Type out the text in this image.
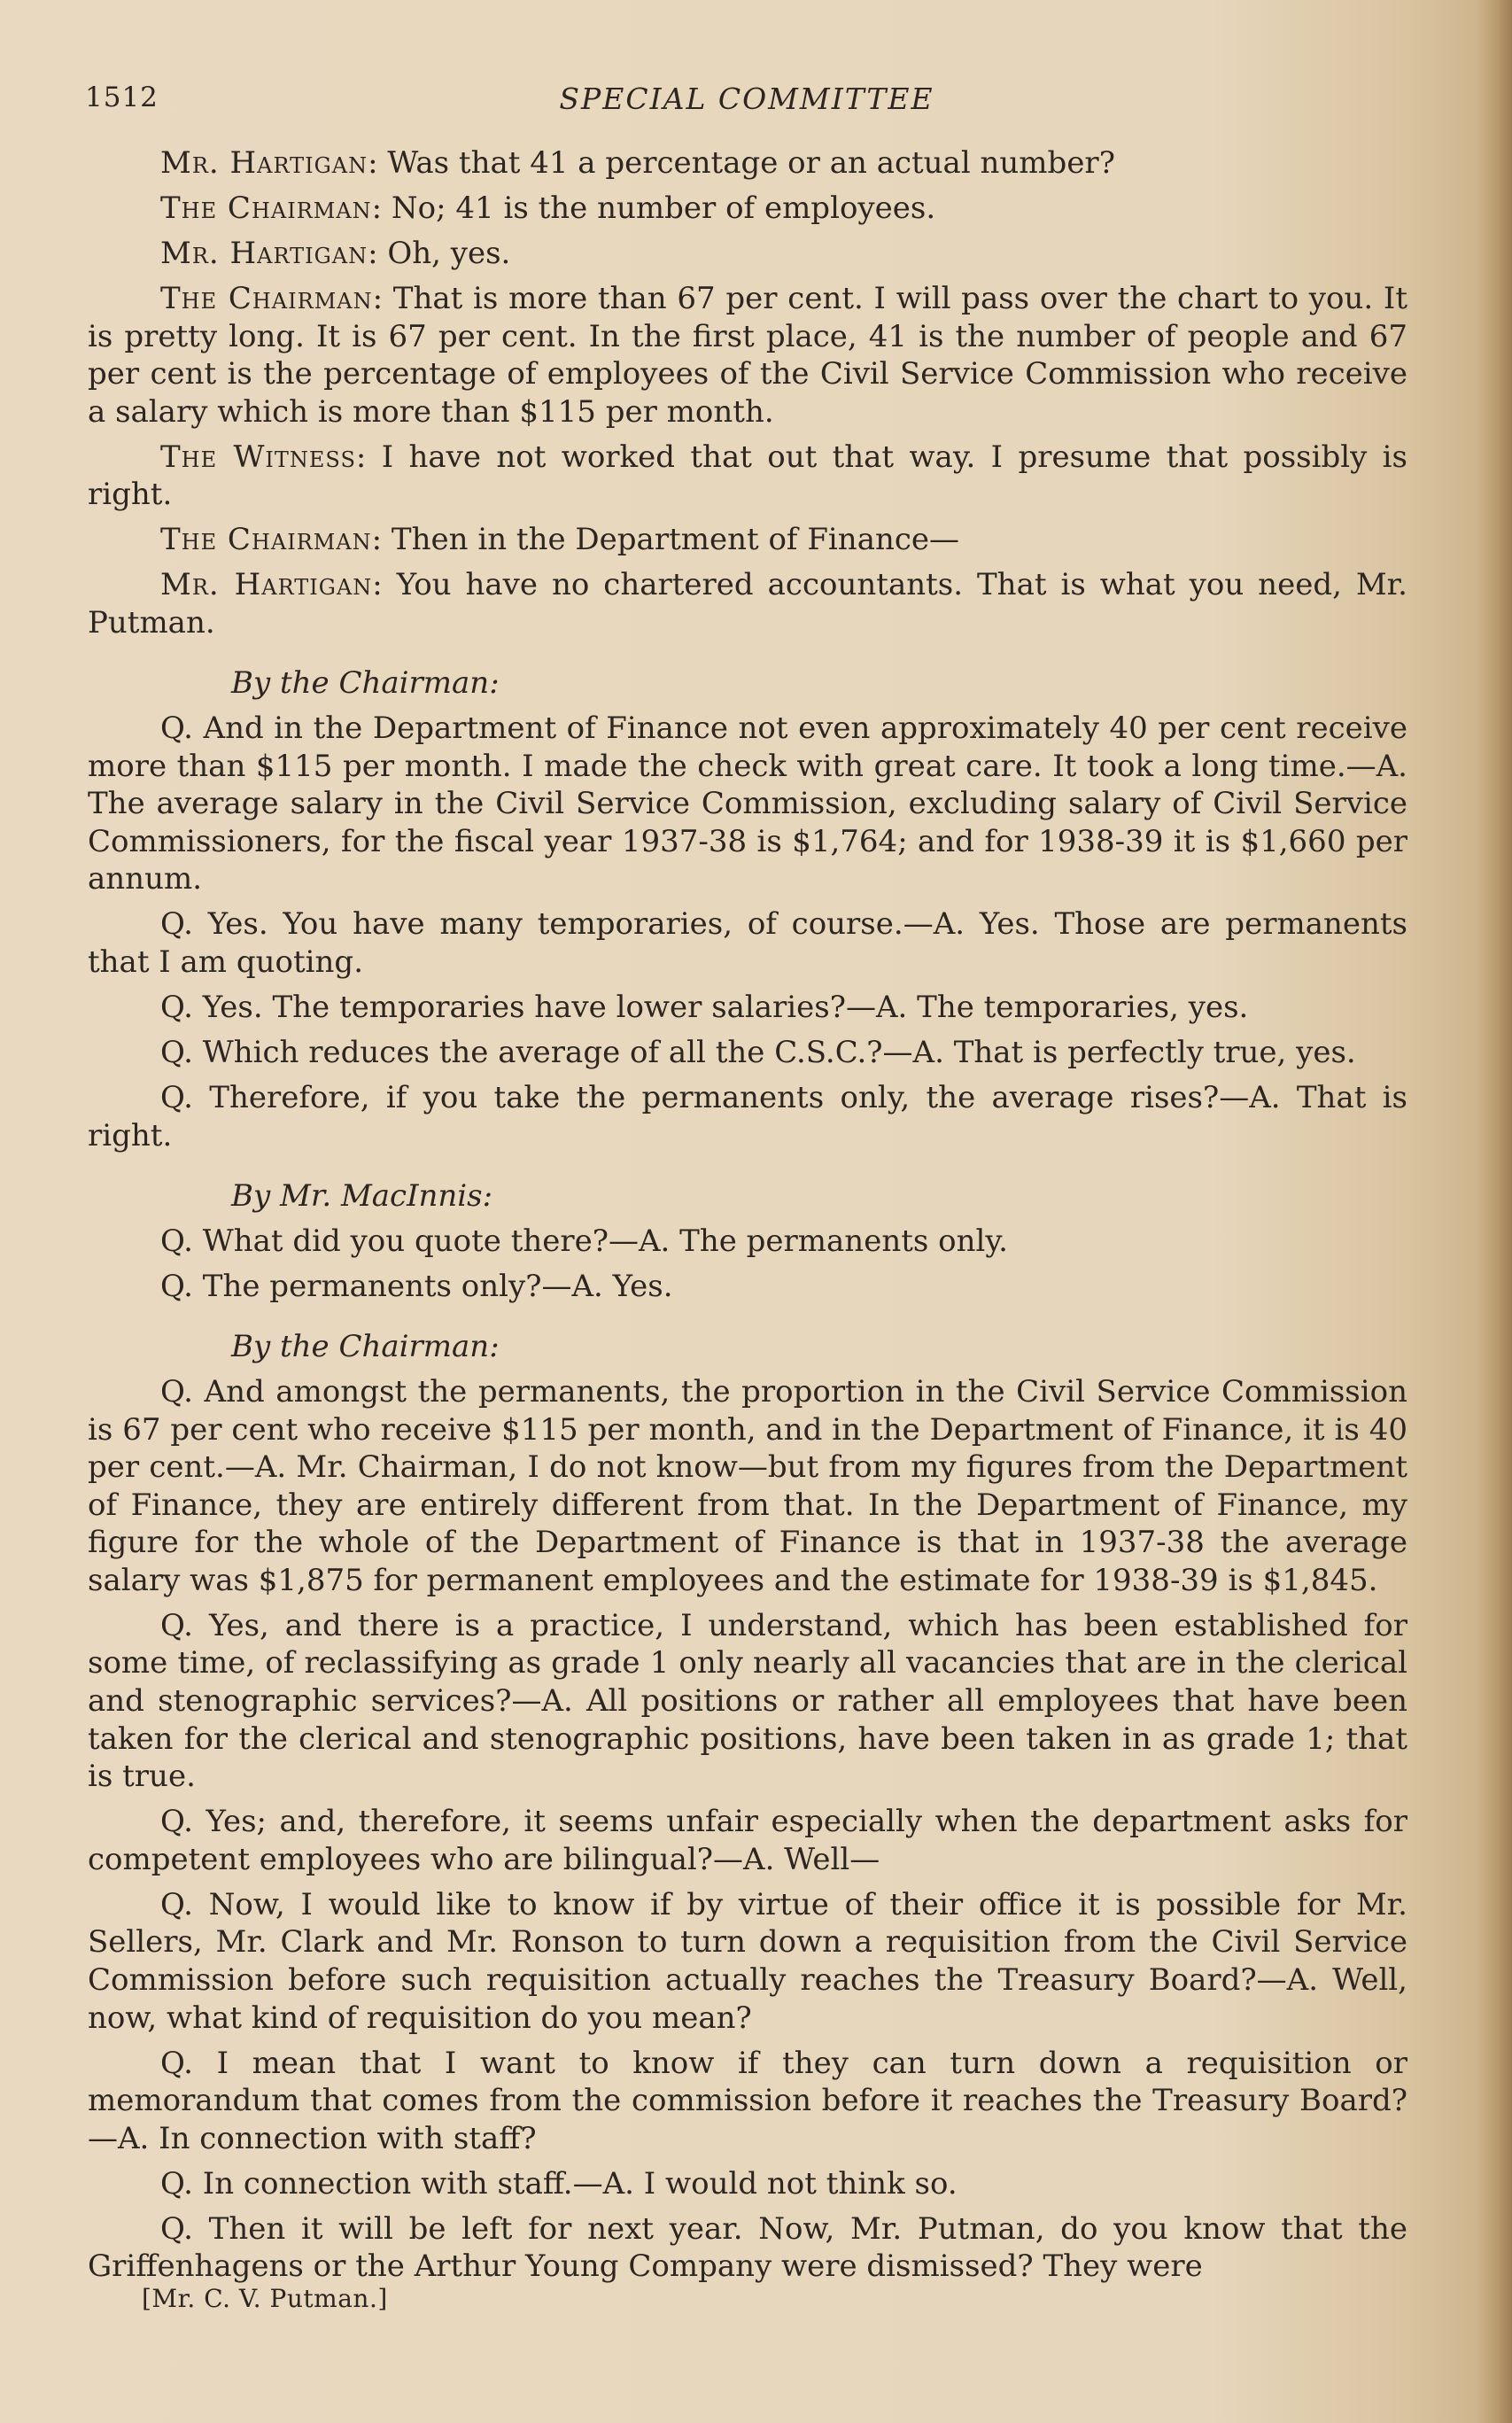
1512	SPECIAL COMMITTEE

Mr. Hartigan: Was that 41 a percentage or an actual number?

The Chairman: No; 41 is the number of employees.

Mr. Hartigan: Oh, yes.

The Chairman: That is more than 67 per cent. I will pass over the chart to you. It is pretty long. It is 67 per cent. In the first place, 41 is the number of people and 67 per cent is the percentage of employees of the Civil Service Commission who receive a salary which is more than $115 per month.

The Witness: I have not worked that out that way. I presume that possibly is right.

The Chairman: Then in the Department of Finance—

Mr. Hartigan: You have no chartered accountants. That is what you need, Mr. Putman.

By the Chairman:

Q. And in the Department of Finance not even approximately 40 per cent receive more than $115 per month. I made the check with great care. It took a long time.—A. The average salary in the Civil Service Commission, excluding salary of Civil Service Commissioners, for the fiscal year 1937-38 is $1,764; and for 1938-39 it is $1,660 per annum.

Q. Yes. You have many temporaries, of course.—A. Yes. Those are permanents that I am quoting.

Q. Yes. The temporaries have lower salaries?—A. The temporaries, yes.

Q. Which reduces the average of all the C.S.C.?—A. That is perfectly true, yes.

Q. Therefore, if you take the permanents only, the average rises?—A. That is right.

By Mr. MacInnis:

Q. What did you quote there?—A. The permanents only.

Q. The permanents only?—A. Yes.

By the Chairman:

Q. And amongst the permanents, the proportion in the Civil Service Commission is 67 per cent who receive $115 per month, and in the Department of Finance, it is 40 per cent.—A. Mr. Chairman, I do not know—but from my figures from the Department of Finance, they are entirely different from that. In the Department of Finance, my figure for the whole of the Department of Finance is that in 1937-38 the average salary was $1,875 for permanent employees and the estimate for 1938-39 is $1,845.

Q. Yes, and there is a practice, I understand, which has been established for some time, of reclassifying as grade 1 only nearly all vacancies that are in the clerical and stenographic services?—A. All positions or rather all employees that have been taken for the clerical and stenographic positions, have been taken in as grade 1; that is true.

Q. Yes; and, therefore, it seems unfair especially when the department asks for competent employees who are bilingual?—A. Well—

Q. Now, I would like to know if by virtue of their office it is possible for Mr. Sellers, Mr. Clark and Mr. Ronson to turn down a requisition from the Civil Service Commission before such requisition actually reaches the Treasury Board?—A. Well, now, what kind of requisition do you mean?

Q. I mean that I want to know if they can turn down a requisition or memorandum that comes from the commission before it reaches the Treasury Board?—A. In connection with staff?

Q. In connection with staff.—A. I would not think so.

Q. Then it will be left for next year. Now, Mr. Putman, do you know that the Griffenhagens or the Arthur Young Company were dismissed? They were

[Mr. C. V. Putman.]
